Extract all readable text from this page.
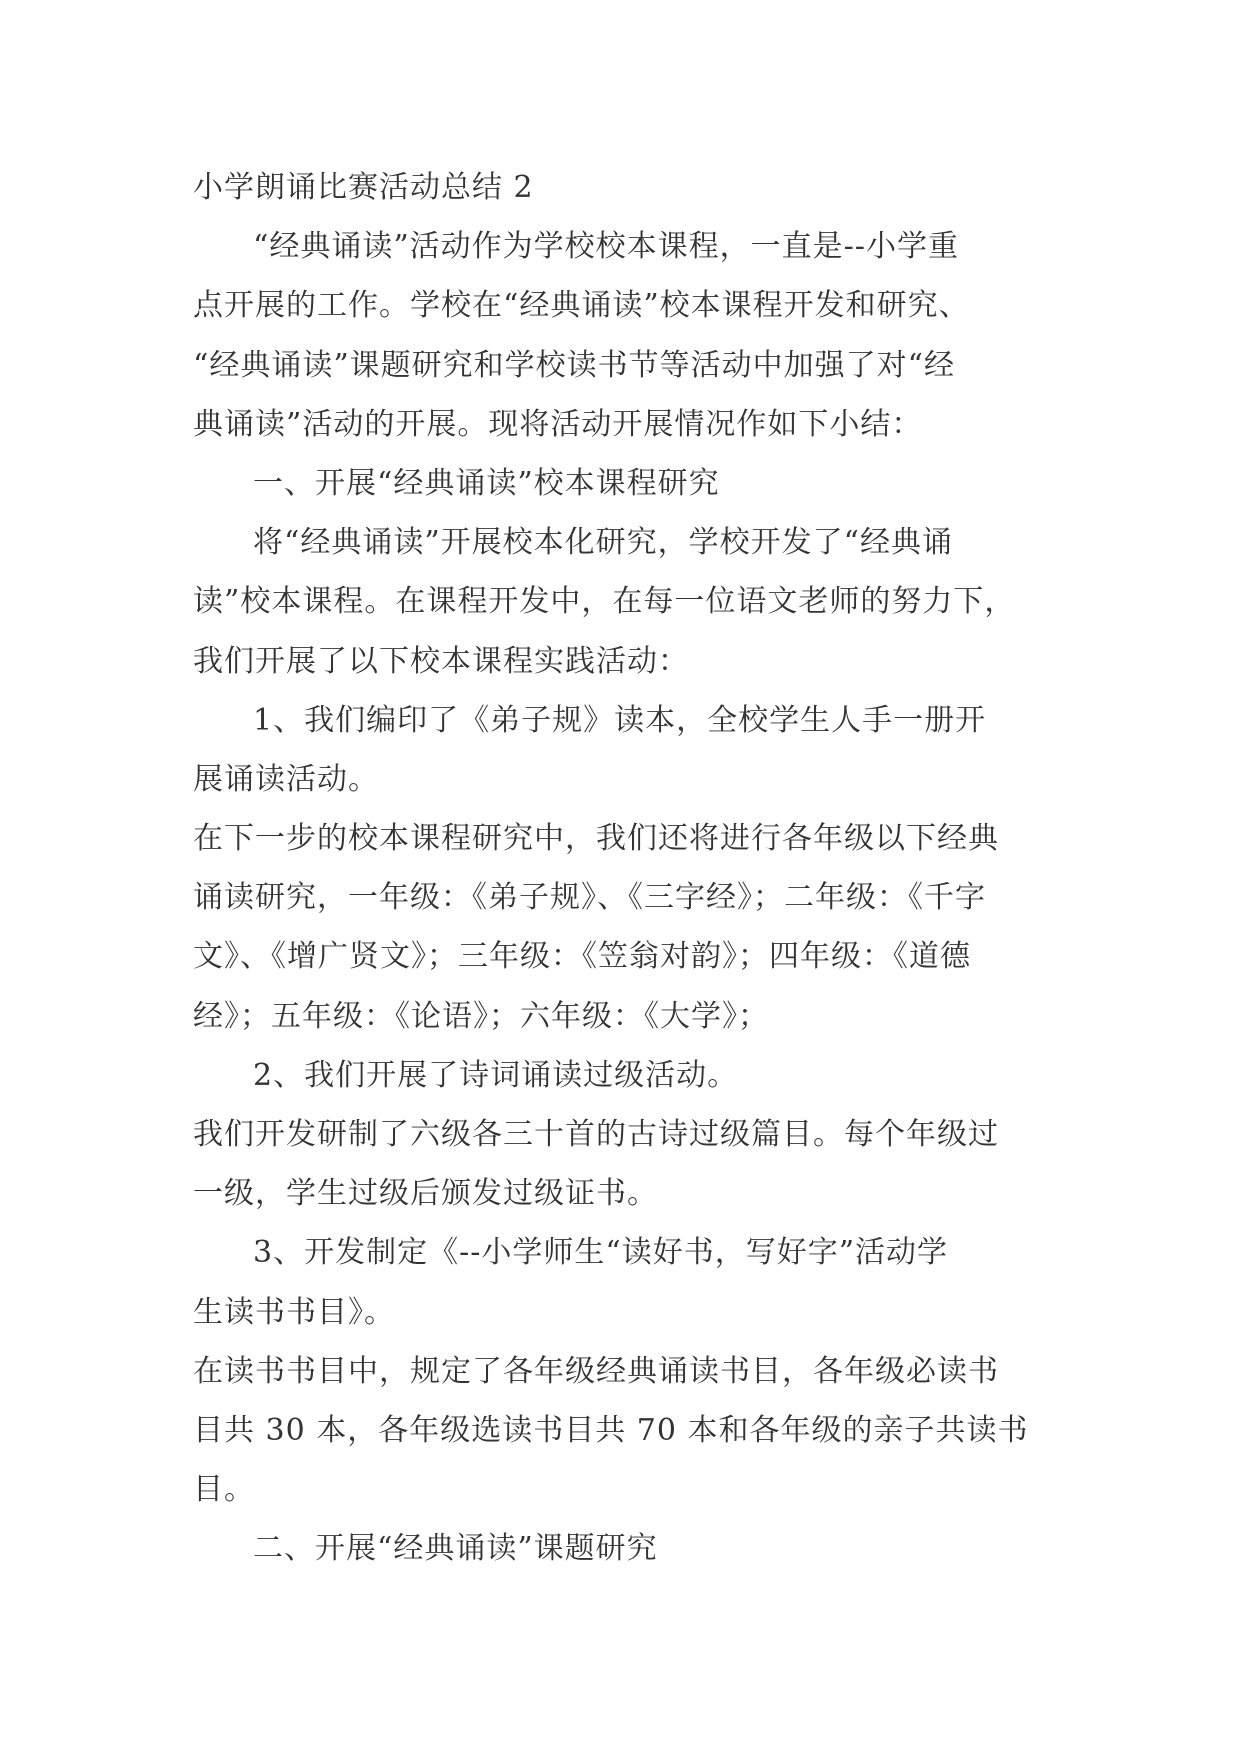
小学朗诵比赛活动总结 2
“经典诵读”活动作为学校校本课程，一直是--小学重
点开展的工作。学校在“经典诵读”校本课程开发和研究、
“经典诵读”课题研究和学校读书节等活动中加强了对“经
典诵读”活动的开展。现将活动开展情况作如下小结：
一、开展“经典诵读”校本课程研究
将“经典诵读”开展校本化研究，学校开发了“经典诵
读”校本课程。在课程开发中，在每一位语文老师的努力下，
我们开展了以下校本课程实践活动：
1、我们编印了《弟子规》读本，全校学生人手一册开
展诵读活动。
在下一步的校本课程研究中，我们还将进行各年级以下经典
诵读研究，一年级：《弟子规》、《三字经》；二年级：《千字
文》、《增广贤文》；三年级：《笠翁对韵》；四年级：《道德
经》；五年级：《论语》；六年级：《大学》；
2、我们开展了诗词诵读过级活动。
我们开发研制了六级各三十首的古诗过级篇目。每个年级过
一级，学生过级后颁发过级证书。
3、开发制定《--小学师生“读好书，写好字”活动学
生读书书目》。
在读书书目中，规定了各年级经典诵读书目，各年级必读书
目共 30 本，各年级选读书目共 70 本和各年级的亲子共读书
目。
二、开展“经典诵读”课题研究
